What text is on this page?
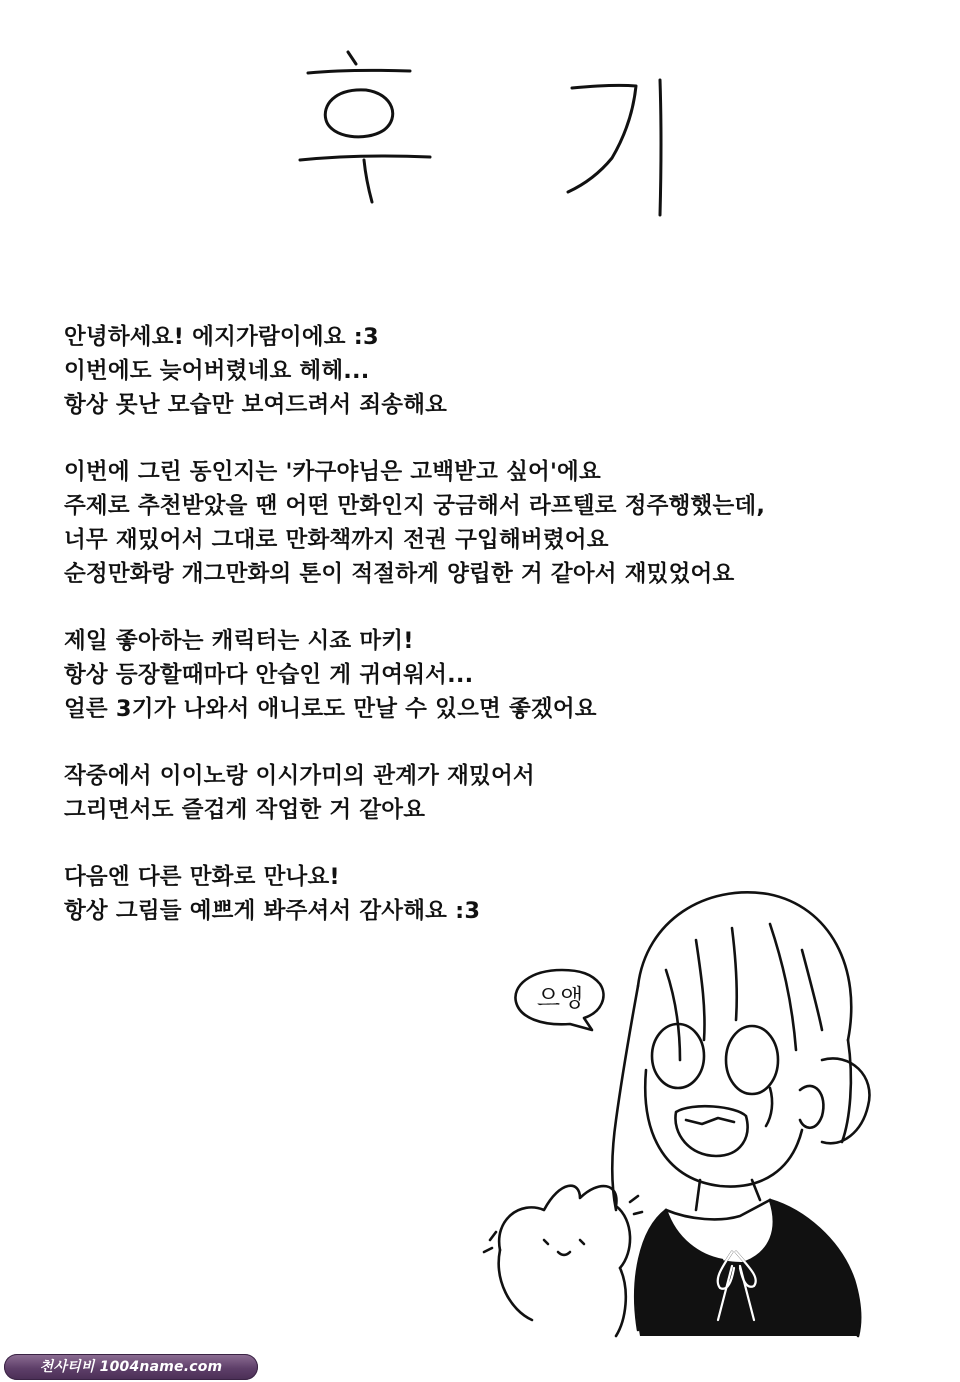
안녕하세요! 에지가람이에요 :3
이번에도 늦어버렸네요 헤헤...
항상 못난 모습만 보여드려서 죄송해요
이번에 그린 동인지는 '카구야님은 고백받고 싶어'에요
주제로 추천받았을 땐 어떤 만화인지 궁금해서 라프텔로 정주행했는데,
너무 재밌어서 그대로 만화책까지 전권 구입해버렸어요
순정만화랑 개그만화의 톤이 적절하게 양립한 거 같아서 재밌었어요
제일 좋아하는 캐릭터는 시죠 마키!
항상 등장할때마다 안습인 게 귀여워서...
얼른 3기가 나와서 애니로도 만날 수 있으면 좋겠어요
작중에서 이이노랑 이시가미의 관계가 재밌어서
그리면서도 즐겁게 작업한 거 같아요
다음엔 다른 만화로 만나요!
항상 그림들 예쁘게 봐주셔서 감사해요 :3
으앵
천사티비 1004name.com
